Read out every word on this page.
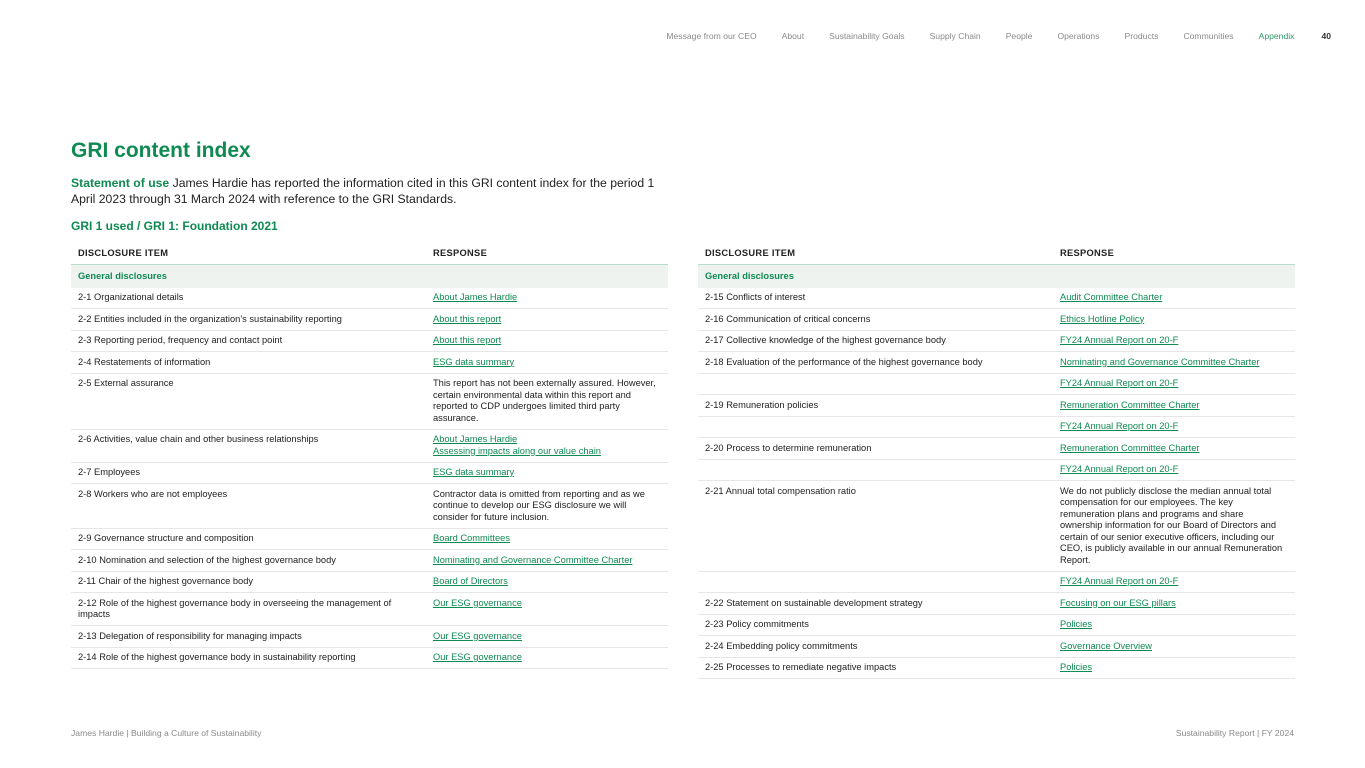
Message from our CEO	About	Sustainability Goals	Supply Chain	People	Operations	Products	Communities	Appendix	40
GRI content index

Statement of use James Hardie has reported the information cited in this GRI content index for the period 1 April 2023 through 31 March 2024 with reference to the GRI Standards.

GRI 1 used / GRI 1: Foundation 2021
DISCLOSURE ITEM	RESPONSE
General disclosures	
2-1 Organizational details	About James Hardie

2-2 Entities included in the organization’s sustainability reporting	About this report

2-3 Reporting period, frequency and contact point	About this report

2-4 Restatements of information	ESG data summary

2-5 External assurance	This report has not been externally assured. However, certain environmental data within this report and reported to CDP undergoes limited third party assurance.
2-6 Activities, value chain and other business relationships	About James Hardie
Assessing impacts along our value chain

2-7 Employees	ESG data summary

2-8 Workers who are not employees	Contractor data is omitted from reporting and as we continue to develop our ESG disclosure we will consider for future inclusion.
2-9 Governance structure and composition	Board Committees

2-10 Nomination and selection of the highest governance body	Nominating and Governance Committee Charter

2-11 Chair of the highest governance body	Board of Directors

2-12 Role of the highest governance body in overseeing the management of impacts	Our ESG governance

2-13 Delegation of responsibility for managing impacts	Our ESG governance

2-14 Role of the highest governance body in sustainability reporting	Our ESG governance
DISCLOSURE ITEM	RESPONSE
General disclosures	
2-15 Conflicts of interest	Audit Committee Charter

2-16 Communication of critical concerns	Ethics Hotline Policy

2-17 Collective knowledge of the highest governance body	FY24 Annual Report on 20-F

2-18 Evaluation of the performance of the highest governance body	Nominating and Governance Committee Charter

	FY24 Annual Report on 20-F

2-19 Remuneration policies	Remuneration Committee Charter

	FY24 Annual Report on 20-F

2-20 Process to determine remuneration	Remuneration Committee Charter

	FY24 Annual Report on 20-F

2-21 Annual total compensation ratio	We do not publicly disclose the median annual total compensation for our employees. The key remuneration plans and programs and share ownership information for our Board of Directors and certain of our senior executive officers, including our CEO, is publicly available in our annual Remuneration Report.

	FY24 Annual Report on 20-F

2-22 Statement on sustainable development strategy	Focusing on our ESG pillars

2-23 Policy commitments	Policies

2-24 Embedding policy commitments	Governance Overview

2-25 Processes to remediate negative impacts	Policies
James Hardie | Building a Culture of Sustainability	Sustainability Report | FY 2024
